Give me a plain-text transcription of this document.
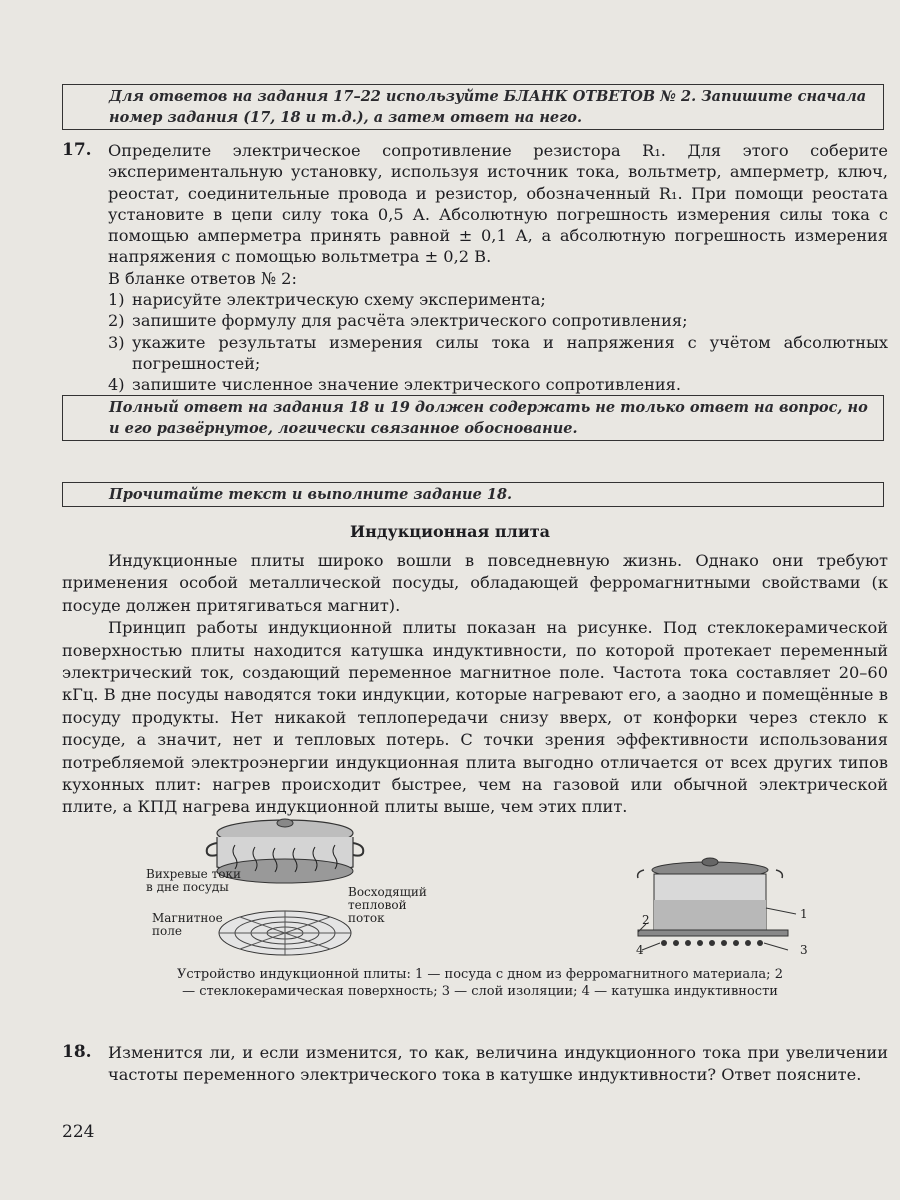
Для ответов на задания 17–22 используйте БЛАНК ОТВЕТОВ № 2. Запишите сначала номер задания (17, 18 и т.д.), а затем ответ на него.
17. Определите электрическое сопротивление резистора R₁. Для этого соберите экспериментальную установку, используя источник тока, вольтметр, амперметр, ключ, реостат, соединительные провода и резистор, обозначенный R₁. При помощи реостата установите в цепи силу тока 0,5 А. Абсолютную погрешность измерения силы тока с помощью амперметра принять равной ± 0,1 А, а абсолютную погрешность измерения напряжения с помощью вольтметра ± 0,2 В.

В бланке ответов № 2:

1) нарисуйте электрическую схему эксперимента;
2) запишите формулу для расчёта электрического сопротивления;
3) укажите результаты измерения силы тока и напряжения с учётом абсолютных погрешностей;
4) запишите численное значение электрического сопротивления.
Полный ответ на задания 18 и 19 должен содержать не только ответ на вопрос, но и его развёрнутое, логически связанное обоснование.
Прочитайте текст и выполните задание 18.
Индукционная плита

Индукционные плиты широко вошли в повседневную жизнь. Однако они требуют применения особой металлической посуды, обладающей ферромагнитными свойствами (к посуде должен притягиваться магнит).

Принцип работы индукционной плиты показан на рисунке. Под стеклокерамической поверхностью плиты находится катушка индуктивности, по которой протекает переменный электрический ток, создающий переменное магнитное поле. Частота тока составляет 20–60 кГц. В дне посуды наводятся токи индукции, которые нагревают его, а заодно и помещённые в посуду продукты. Нет никакой теплопередачи снизу вверх, от конфорки через стекло к посуде, а значит, нет и тепловых потерь. С точки зрения эффективности использования потребляемой электроэнергии индукционная плита выгодно отличается от всех других типов кухонных плит: нагрев происходит быстрее, чем на газовой или обычной электрической плите, а КПД нагрева индукционной плиты выше, чем этих плит.

Вихревые токи в дне посуды
Магнитное поле
Восходящий тепловой поток	1
2
3
4
Устройство индукционной плиты: 1 — посуда с дном из ферромагнитного материала; 2 — стеклокерамическая поверхность; 3 — слой изоляции; 4 — катушка индуктивности
18. Изменится ли, и если изменится, то как, величина индукционного тока при увеличении частоты переменного электрического тока в катушке индуктивности? Ответ поясните.
224
